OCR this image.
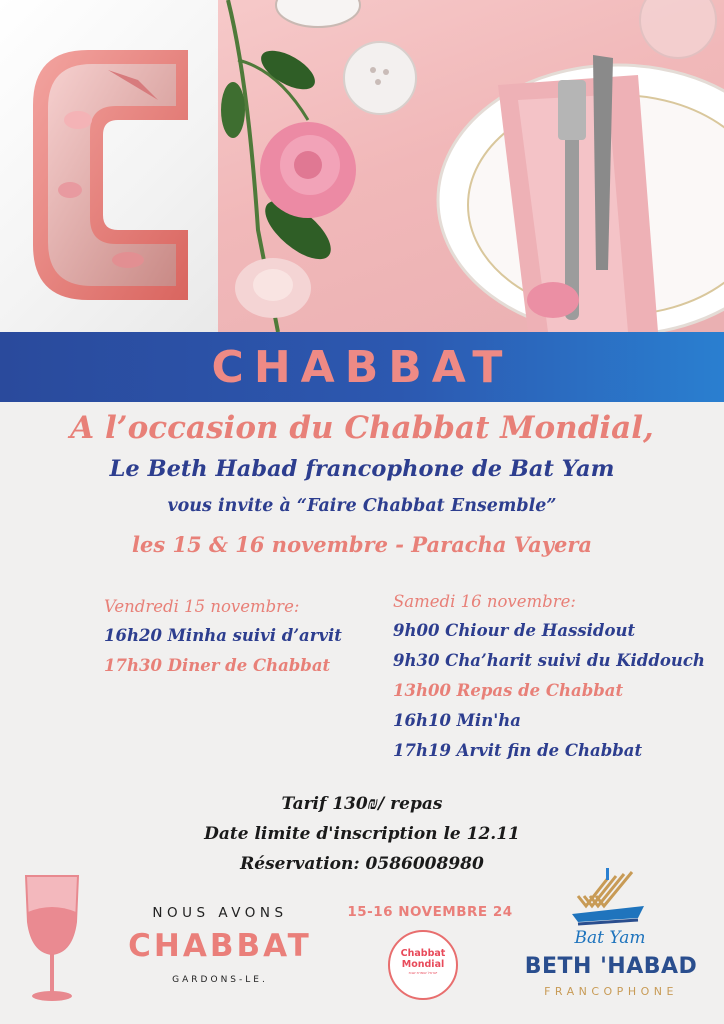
CHABBAT
A l’occasion du Chabbat Mondial,
Le Beth Habad francophone de Bat Yam
vous invite à “Faire Chabbat Ensemble”
les 15 & 16 novembre - Paracha Vayera
Vendredi 15 novembre:
16h20 Minha suivi d’arvit
17h30 Diner de Chabbat
Samedi 16 novembre:
9h00 Chiour de Hassidout
9h30 Cha’harit suivi du Kiddouch
13h00 Repas de Chabbat
16h10 Min'ha
17h19 Arvit fin de Chabbat
Tarif 130₪/ repas
Date limite d'inscription le 12.11
Réservation: 0586008980
NOUS AVONS
CHABBAT
GARDONS-LE.
15-16 NOVEMBRE 24
Chabbat
Mondial
ישראל שומרת שבת
Bat Yam
BETH 'HABAD
FRANCOPHONE
